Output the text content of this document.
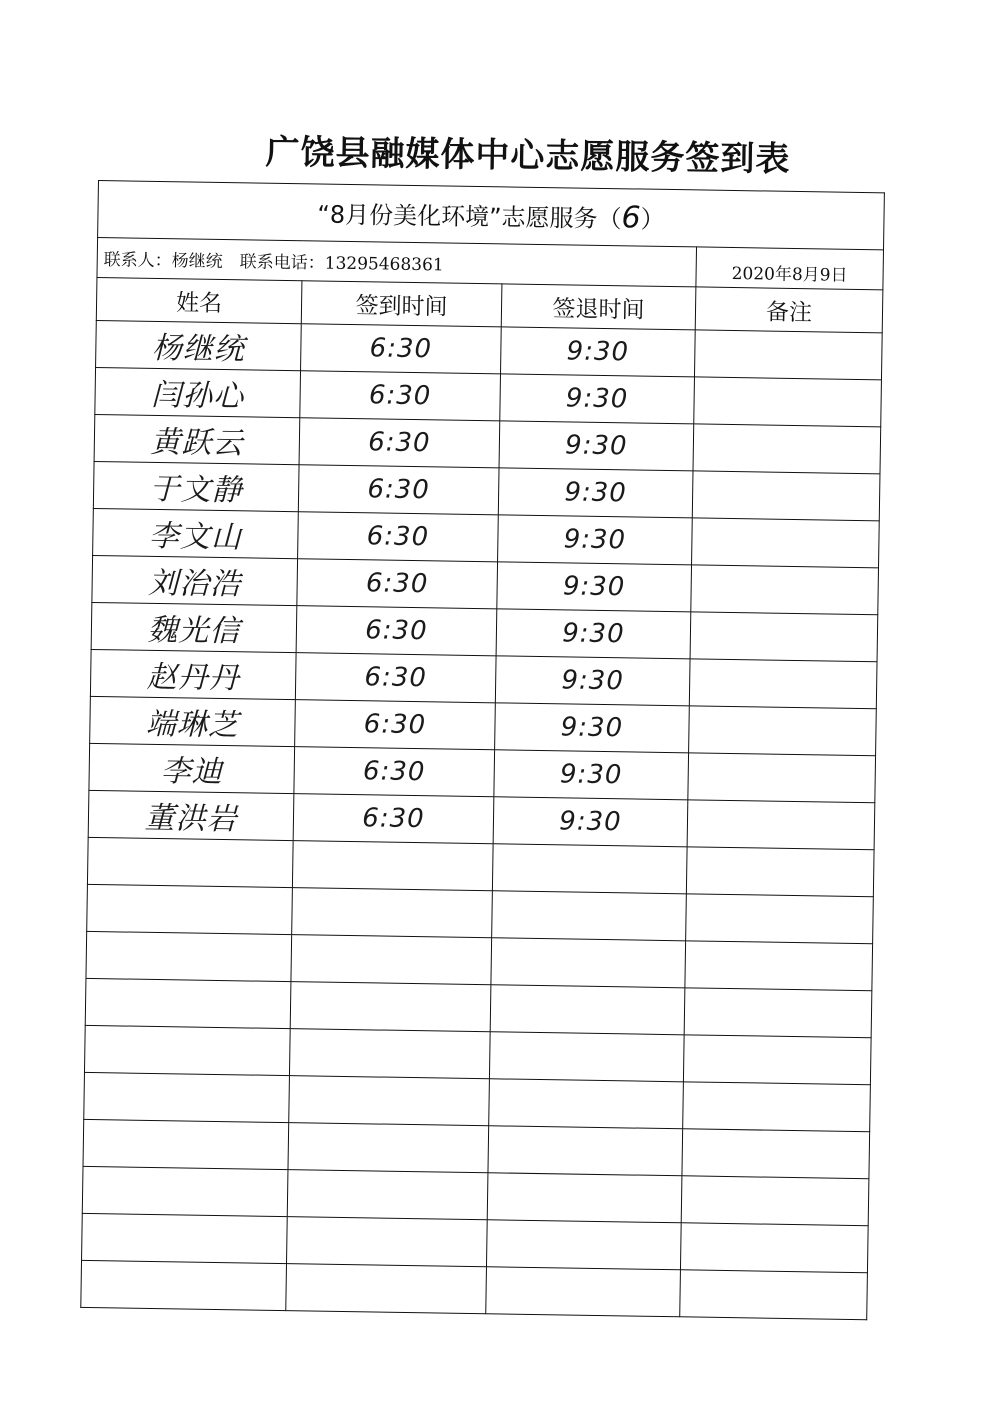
广饶县融媒体中心志愿服务签到表
“8月份美化环境”志愿服务（6）			
联系人：杨继统　联系电话：13295468361			2020年8月9日
姓名	签到时间	签退时间	备注
杨继统	6:30	9:30	
闫孙心	6:30	9:30	
黄跃云	6:30	9:30	
于文静	6:30	9:30	
李文山	6:30	9:30	
刘治浩	6:30	9:30	
魏光信	6:30	9:30	
赵丹丹	6:30	9:30	
端琳芝	6:30	9:30	
李迪	6:30	9:30	
董洪岩	6:30	9:30	
